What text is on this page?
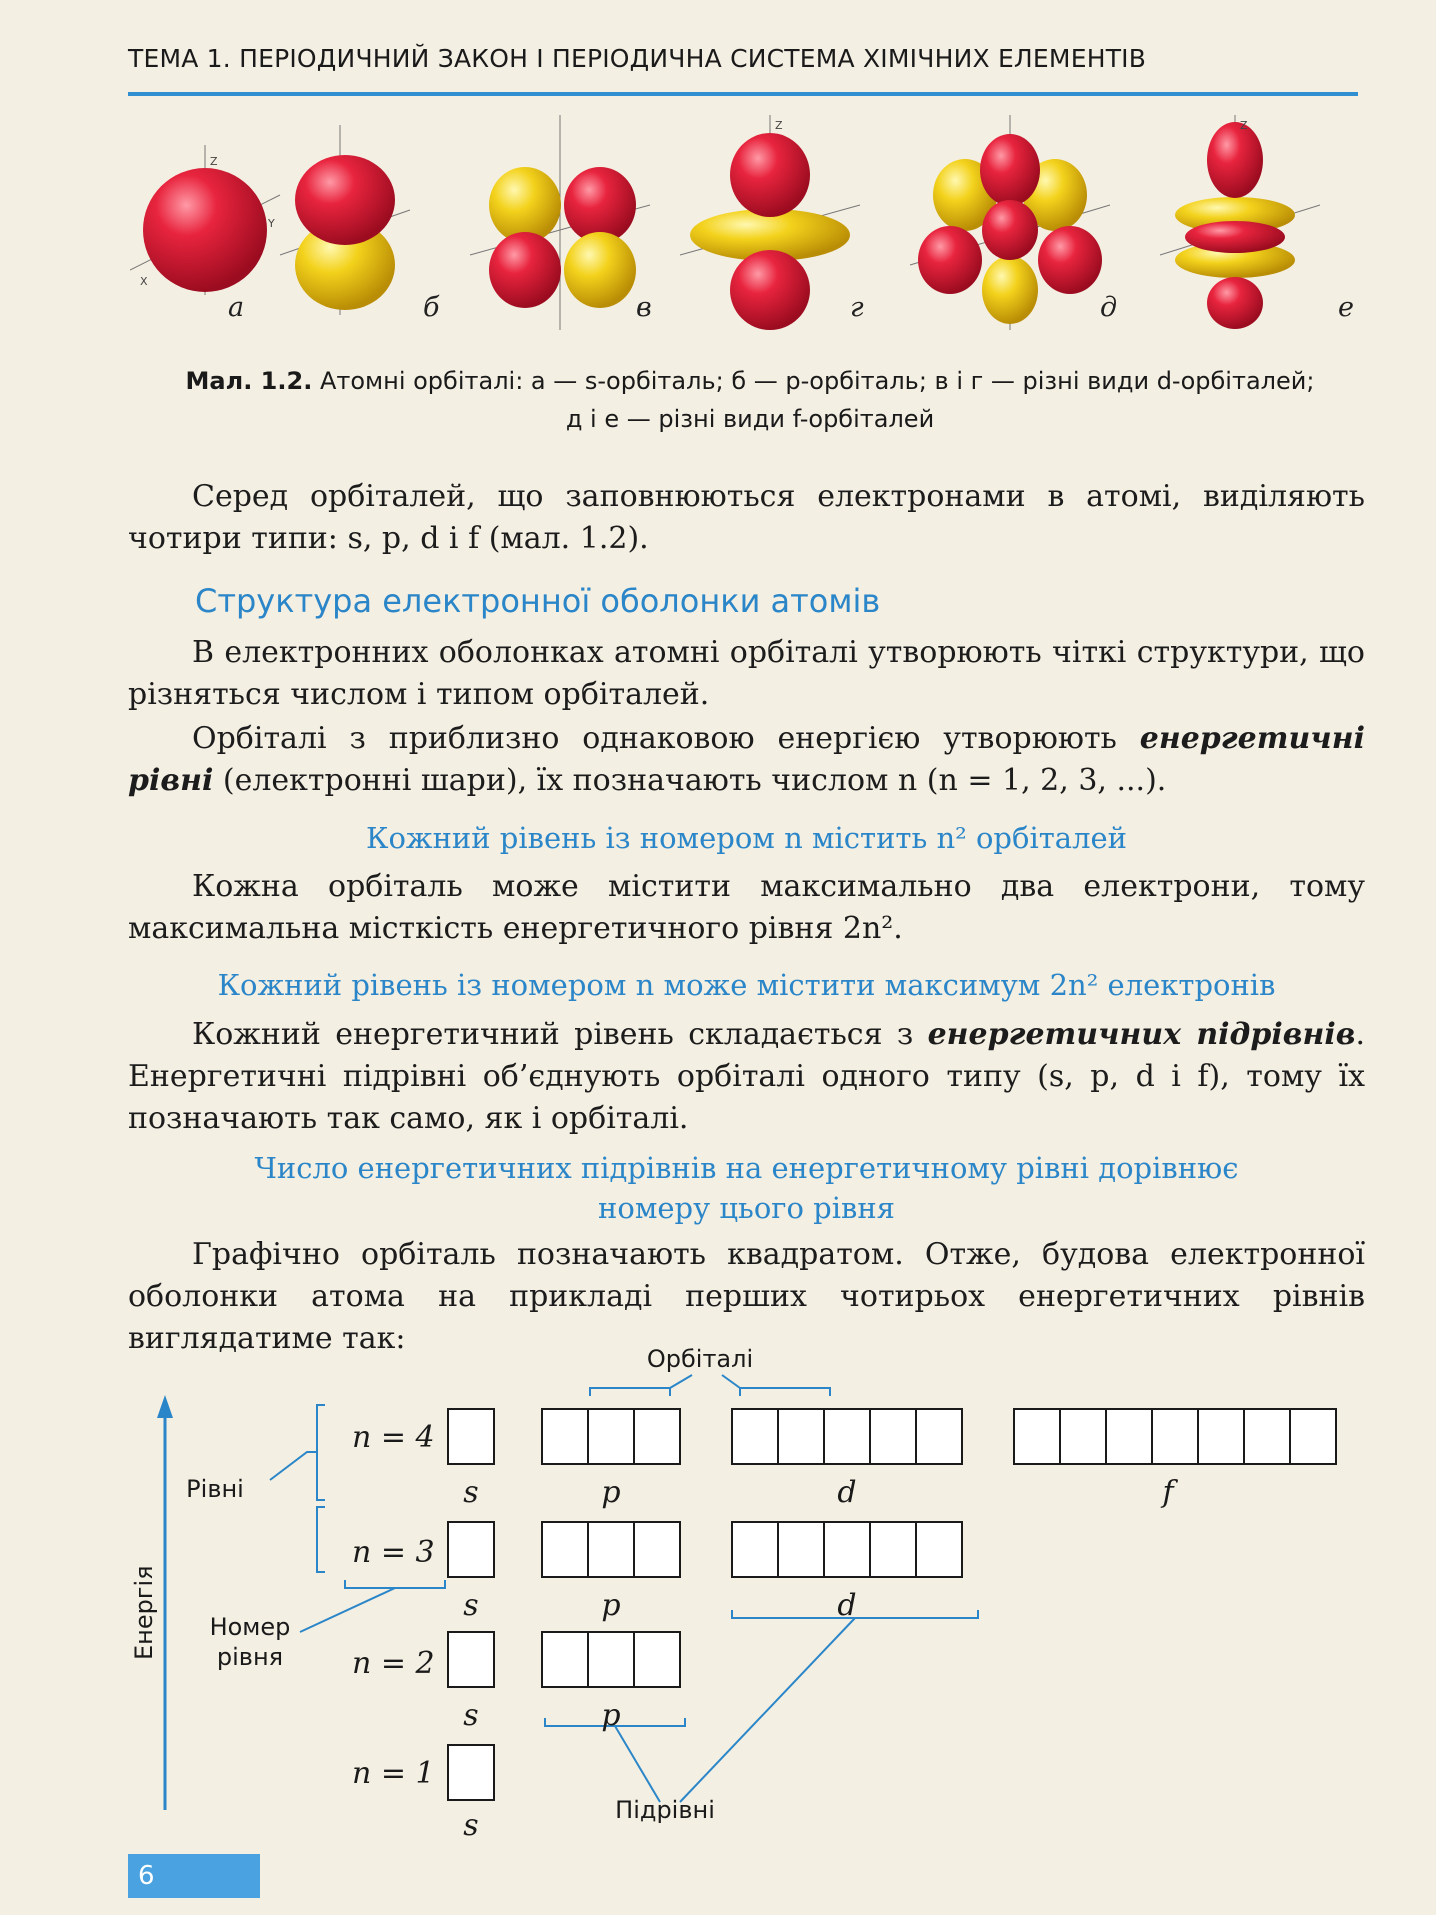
ТЕМА 1. ПЕРІОДИЧНИЙ ЗАКОН І ПЕРІОДИЧНА СИСТЕМА ХІМІЧНИХ ЕЛЕМЕНТІВ
Z
Y
X
Z	Z
а	б	в	г	д	е
Мал. 1.2. Атомні орбіталі: а — s-орбіталь; б — p-орбіталь; в і г — різні види d-орбіталей;
д і е — різні види f-орбіталей
Серед орбіталей, що заповнюються електронами в атомі, виділяють чотири типи: s, p, d і f (мал. 1.2).
Структура електронної оболонки атомів
В електронних оболонках атомні орбіталі утворюють чіткі структури, що різняться числом і типом орбіталей.
Орбіталі з приблизно однаковою енергією утворюють енергетичні рівні (електронні шари), їх позначають числом n (n = 1, 2, 3, ...).
Кожний рівень із номером n містить n² орбіталей
Кожна орбіталь може містити максимально два електрони, тому максимальна місткість енергетичного рівня 2n².
Кожний рівень із номером n може містити максимум 2n² електронів
Кожний енергетичний рівень складається з енергетичних підрівнів. Енергетичні підрівні об’єднують орбіталі одного типу (s, p, d і f), тому їх позначають так само, як і орбіталі.
Число енергетичних підрівнів на енергетичному рівні дорівнює
номеру цього рівня
Графічно орбіталь позначають квадратом. Отже, будова електронної оболонки атома на прикладі перших чотирьох енергетичних рівнів виглядатиме так:
Орбіталі
Рівні
Номер
рівня
Підрівні
Енергія
n = 4
n = 3
n = 2
n = 1
s	p	d	f
s	p	d
s	p
s
6
